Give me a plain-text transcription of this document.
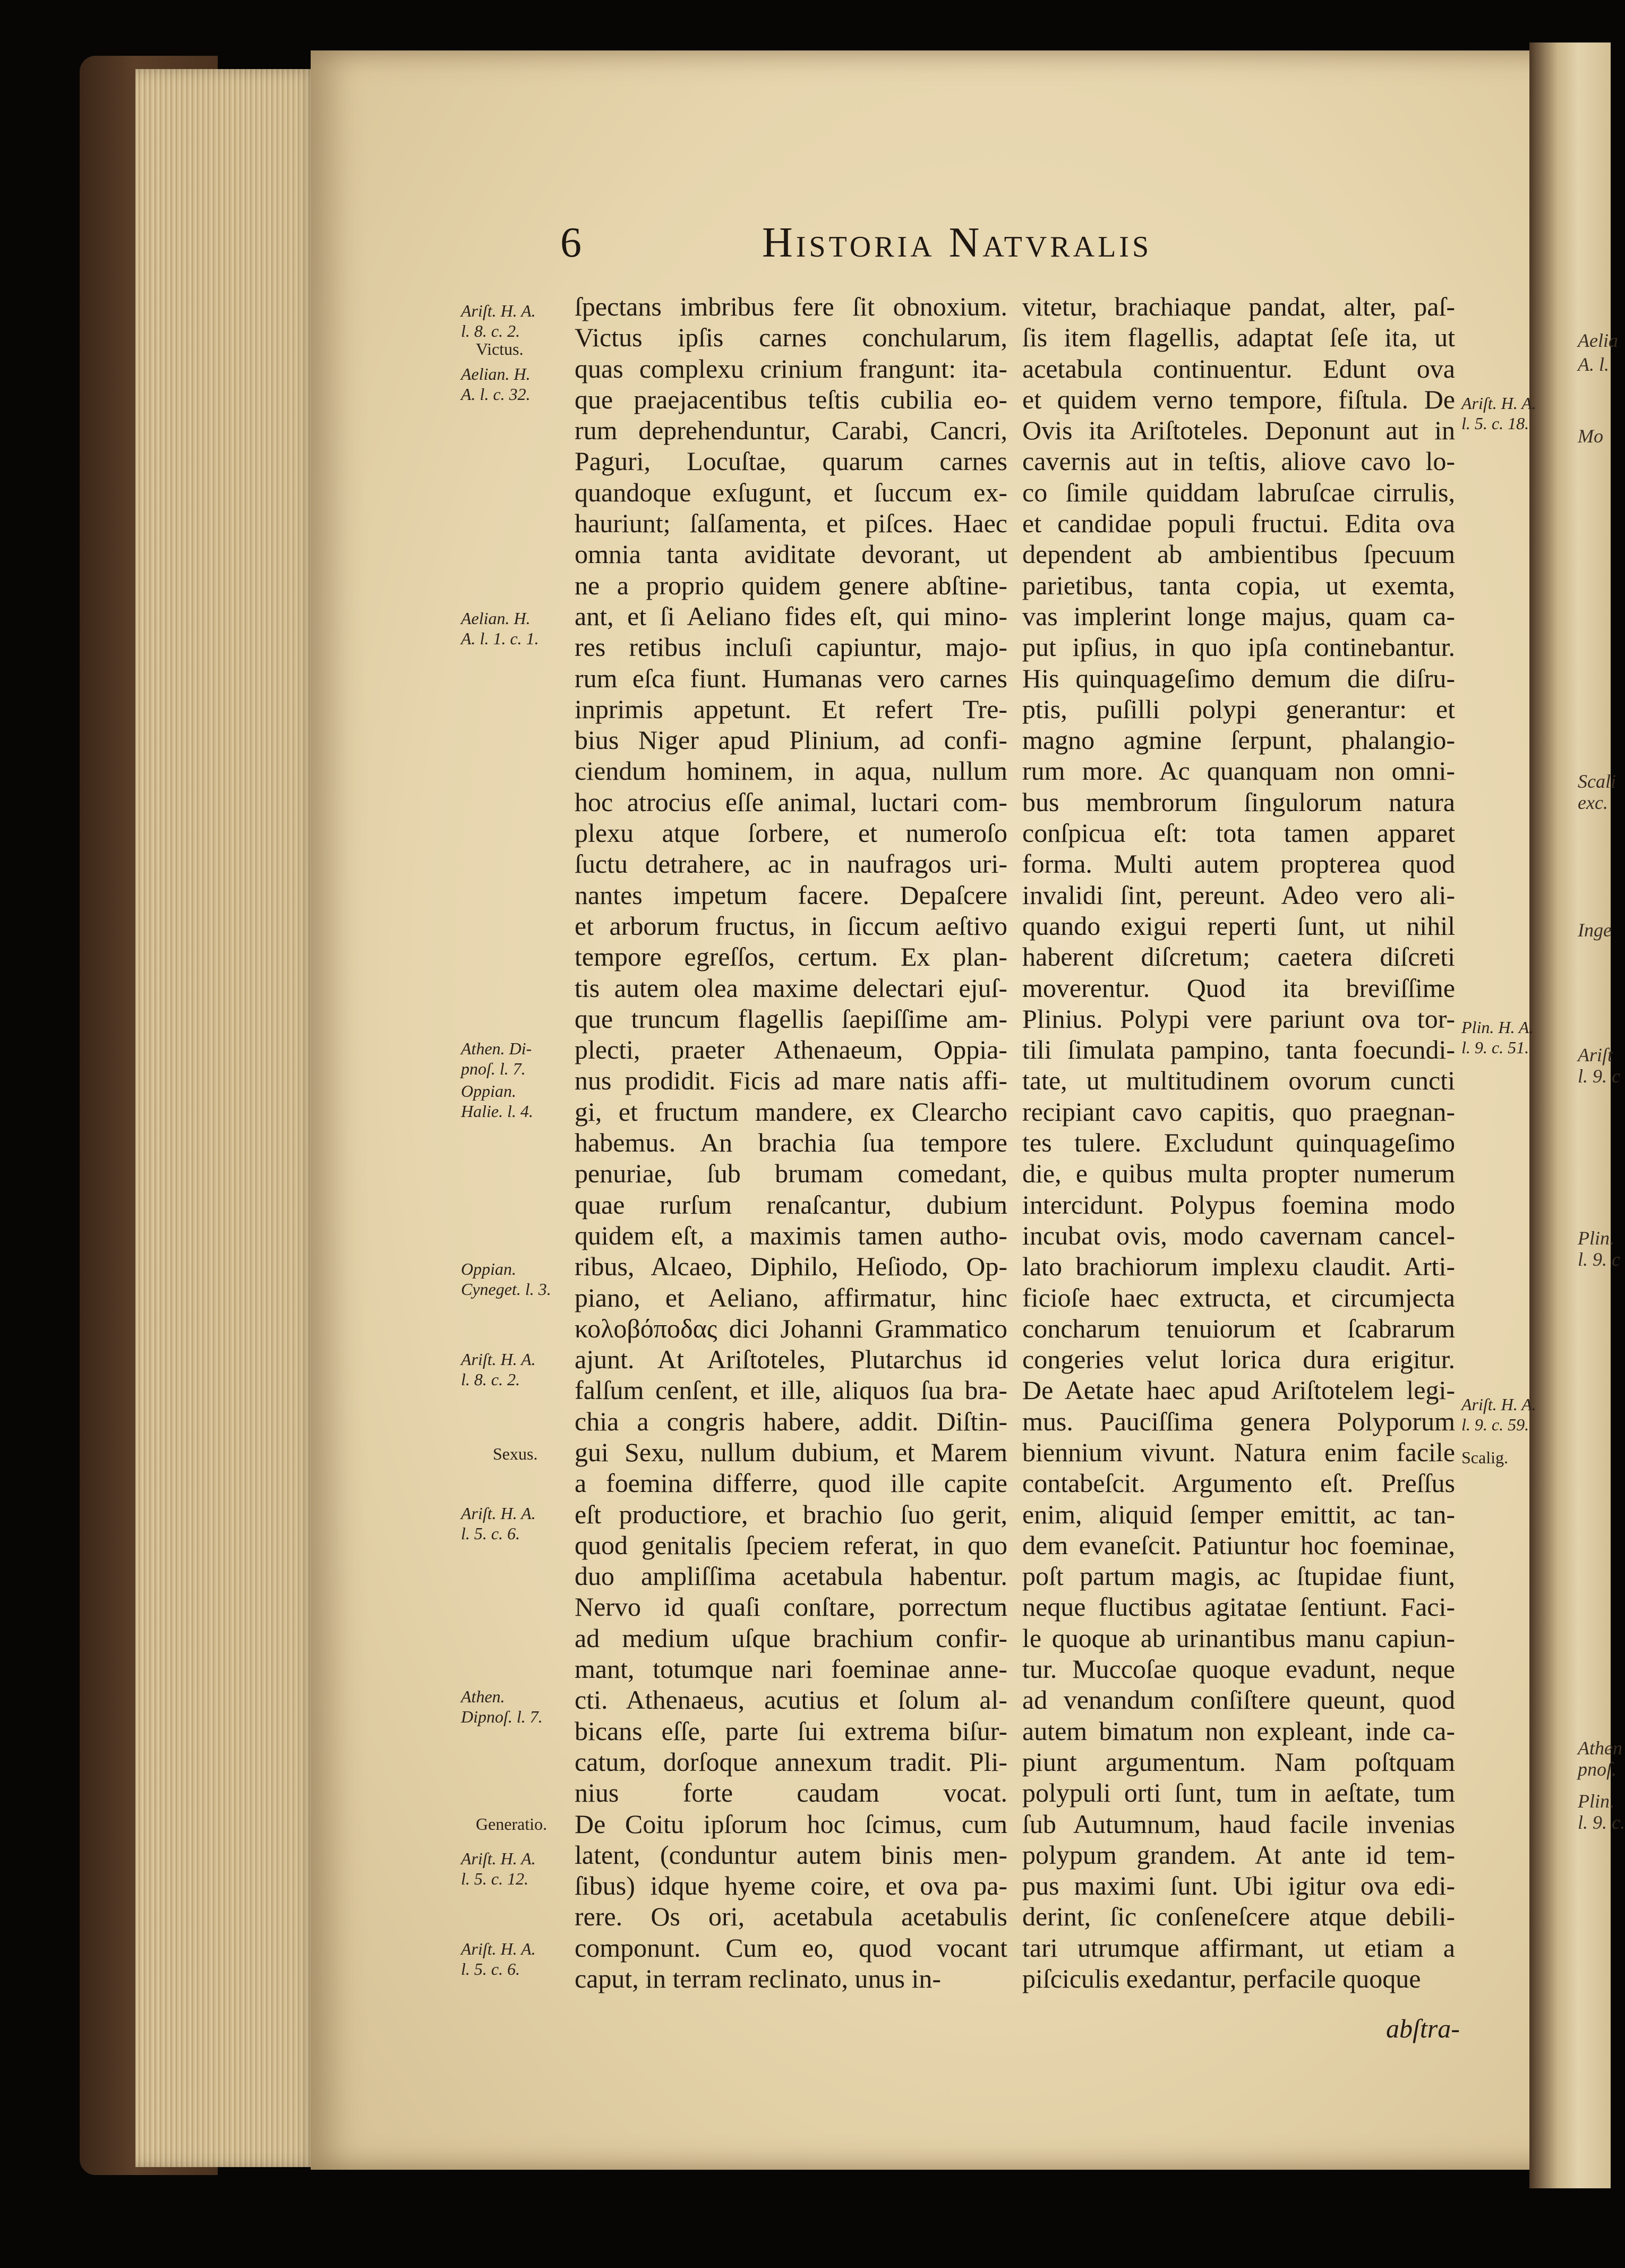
Aelia
A. l.
Mo
Scali
exc.
Inge
Ariſt
l. 9. c
Plin.
l. 9. c
Athen
pnoſ.
Plin.
l. 9. c.
6	Historia Natvralis
ſpectans imbribus fere ſit obnoxium.
Victus ipſis carnes conchularum,
quas complexu crinium frangunt: ita-
que praejacentibus teſtis cubilia eo-
rum deprehenduntur, Carabi, Cancri,
Paguri, Locuſtae, quarum carnes
quandoque exſugunt, et ſuccum ex-
hauriunt; ſalſamenta, et piſces. Haec
omnia tanta aviditate devorant, ut
ne a proprio quidem genere abſtine-
ant, et ſi Aeliano fides eſt, qui mino-
res retibus incluſi capiuntur, majo-
rum eſca fiunt. Humanas vero carnes
inprimis appetunt. Et refert Tre-
bius Niger apud Plinium, ad confi-
ciendum hominem, in aqua, nullum
hoc atrocius eſſe animal, luctari com-
plexu atque ſorbere, et numeroſo
ſuctu detrahere, ac in naufragos uri-
nantes impetum facere. Depaſcere
et arborum fructus, in ſiccum aeſtivo
tempore egreſſos, certum. Ex plan-
tis autem olea maxime delectari ejuſ-
que truncum flagellis ſaepiſſime am-
plecti, praeter Athenaeum, Oppia-
nus prodidit. Ficis ad mare natis affi-
gi, et fructum mandere, ex Clearcho
habemus. An brachia ſua tempore
penuriae, ſub brumam comedant,
quae rurſum renaſcantur, dubium
quidem eſt, a maximis tamen autho-
ribus, Alcaeo, Diphilo, Heſiodo, Op-
piano, et Aeliano, affirmatur, hinc
κολοβόποδας dici Johanni Grammatico
ajunt. At Ariſtoteles, Plutarchus id
falſum cenſent, et ille, aliquos ſua bra-
chia a congris habere, addit. Diſtin-
gui Sexu, nullum dubium, et Marem
a foemina differre, quod ille capite
eſt productiore, et brachio ſuo gerit,
quod genitalis ſpeciem referat, in quo
duo ampliſſima acetabula habentur.
Nervo id quaſi conſtare, porrectum
ad medium uſque brachium confir-
mant, totumque nari foeminae anne-
cti. Athenaeus, acutius et ſolum al-
bicans eſſe, parte ſui extrema biſur-
catum, dorſoque annexum tradit. Pli-
nius forte caudam vocat.
De Coitu ipſorum hoc ſcimus, cum
latent, (conduntur autem binis men-
ſibus) idque hyeme coire, et ova pa-
rere. Os ori, acetabula acetabulis
componunt. Cum eo, quod vocant
caput, in terram reclinato, unus in-
vitetur, brachiaque pandat, alter, paſ-
ſis item flagellis, adaptat ſeſe ita, ut
acetabula continuentur. Edunt ova
et quidem verno tempore, fiſtula. De
Ovis ita Ariſtoteles. Deponunt aut in
cavernis aut in teſtis, aliove cavo lo-
co ſimile quiddam labruſcae cirrulis,
et candidae populi fructui. Edita ova
dependent ab ambientibus ſpecuum
parietibus, tanta copia, ut exemta,
vas implerint longe majus, quam ca-
put ipſius, in quo ipſa continebantur.
His quinquageſimo demum die diſru-
ptis, puſilli polypi generantur: et
magno agmine ſerpunt, phalangio-
rum more. Ac quanquam non omni-
bus membrorum ſingulorum natura
conſpicua eſt: tota tamen apparet
forma. Multi autem propterea quod
invalidi ſint, pereunt. Adeo vero ali-
quando exigui reperti ſunt, ut nihil
haberent diſcretum; caetera diſcreti
moverentur. Quod ita breviſſime
Plinius. Polypi vere pariunt ova tor-
tili ſimulata pampino, tanta foecundi-
tate, ut multitudinem ovorum cuncti
recipiant cavo capitis, quo praegnan-
tes tulere. Excludunt quinquageſimo
die, e quibus multa propter numerum
intercidunt. Polypus foemina modo
incubat ovis, modo cavernam cancel-
lato brachiorum implexu claudit. Arti-
ficioſe haec extructa, et circumjecta
concharum tenuiorum et ſcabrarum
congeries velut lorica dura erigitur.
De Aetate haec apud Ariſtotelem legi-
mus. Pauciſſima genera Polyporum
biennium vivunt. Natura enim facile
contabeſcit. Argumento eſt. Preſſus
enim, aliquid ſemper emittit, ac tan-
dem evaneſcit. Patiuntur hoc foeminae,
poſt partum magis, ac ſtupidae fiunt,
neque fluctibus agitatae ſentiunt. Faci-
le quoque ab urinantibus manu capiun-
tur. Muccoſae quoque evadunt, neque
ad venandum conſiſtere queunt, quod
autem bimatum non expleant, inde ca-
piunt argumentum. Nam poſtquam
polypuli orti ſunt, tum in aeſtate, tum
ſub Autumnum, haud facile invenias
polypum grandem. At ante id tem-
pus maximi ſunt. Ubi igitur ova edi-
derint, ſic conſeneſcere atque debili-
tari utrumque affirmant, ut etiam a
piſciculis exedantur, perfacile quoque
abſtra-
Ariſt. H. A.
l. 8. c. 2.
Victus.
Aelian. H.
A. l. c. 32.
Aelian. H.
A. l. 1. c. 1.
Athen. Di-
pnoſ. l. 7.
Oppian.
Halie. l. 4.
Oppian.
Cyneget. l. 3.
Ariſt. H. A.
l. 8. c. 2.
Sexus.
Ariſt. H. A.
l. 5. c. 6.
Athen.
Dipnoſ. l. 7.
Generatio.
Ariſt. H. A.
l. 5. c. 12.
Ariſt. H. A.
l. 5. c. 6.
Ariſt. H. A.
l. 5. c. 18.
Plin. H. A.
l. 9. c. 51.
Ariſt. H. A.
l. 9. c. 59.
Scalig.
